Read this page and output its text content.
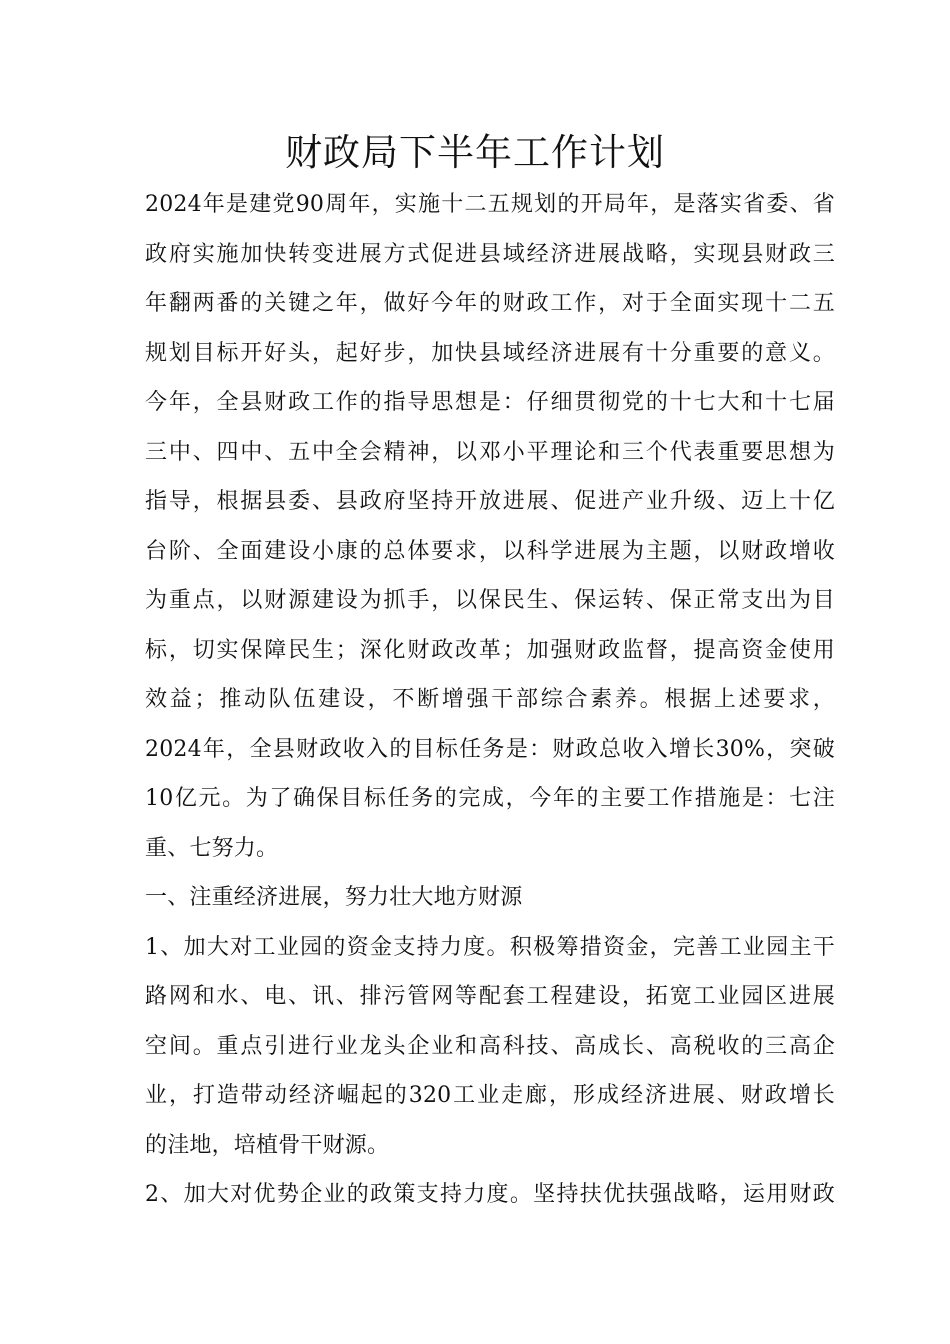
财政局下半年工作计划
2024年是建党90周年，实施十二五规划的开局年，是落实省委、省
政府实施加快转变进展方式促进县域经济进展战略，实现县财政三
年翻两番的关键之年，做好今年的财政工作，对于全面实现十二五
规划目标开好头，起好步，加快县域经济进展有十分重要的意义。
今年，全县财政工作的指导思想是：仔细贯彻党的十七大和十七届
三中、四中、五中全会精神，以邓小平理论和三个代表重要思想为
指导，根据县委、县政府坚持开放进展、促进产业升级、迈上十亿
台阶、全面建设小康的总体要求，以科学进展为主题，以财政增收
为重点，以财源建设为抓手，以保民生、保运转、保正常支出为目
标，切实保障民生；深化财政改革；加强财政监督，提高资金使用
效益；推动队伍建设，不断增强干部综合素养。根据上述要求，
2024年，全县财政收入的目标任务是：财政总收入增长30%，突破
10亿元。为了确保目标任务的完成，今年的主要工作措施是：七注
重、七努力。
一、注重经济进展，努力壮大地方财源
1、加大对工业园的资金支持力度。积极筹措资金，完善工业园主干
路网和水、电、讯、排污管网等配套工程建设，拓宽工业园区进展
空间。重点引进行业龙头企业和高科技、高成长、高税收的三高企
业，打造带动经济崛起的320工业走廊，形成经济进展、财政增长
的洼地，培植骨干财源。
2、加大对优势企业的政策支持力度。坚持扶优扶强战略，运用财政
